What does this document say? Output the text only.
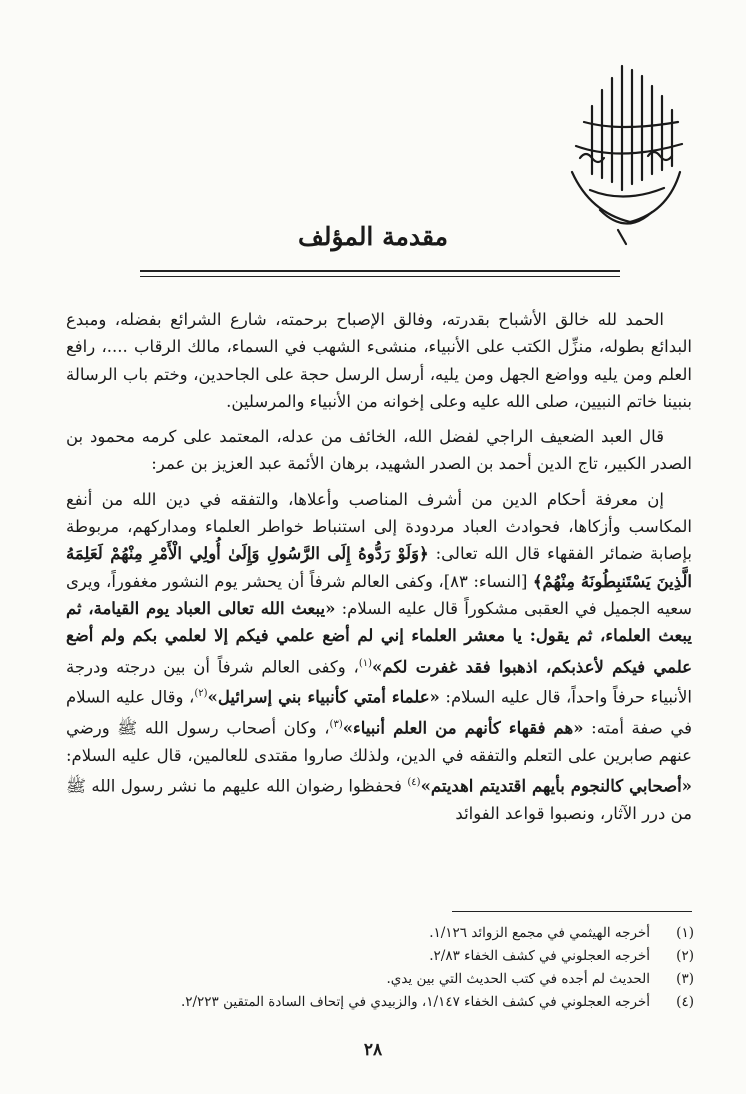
مقدمة المؤلف

الحمد لله خالق الأشباح بقدرته، وفالق الإصباح برحمته، شارع الشرائع بفضله، ومبدع البدائع بطوله، منزِّل الكتب على الأنبياء، منشىء الشهب في السماء، مالك الرقاب ....، رافع العلم ومن يليه وواضع الجهل ومن يليه، أرسل الرسل حجة على الجاحدين، وختم باب الرسالة بنبينا خاتم النبيين، صلى الله عليه وعلى إخوانه من الأنبياء والمرسلين.

قال العبد الضعيف الراجي لفضل الله، الخائف من عدله، المعتمد على كرمه محمود بن الصدر الكبير، تاج الدين أحمد بن الصدر الشهيد، برهان الأئمة عبد العزيز بن عمر:

إن معرفة أحكام الدين من أشرف المناصب وأعلاها، والتفقه في دين الله من أنفع المكاسب وأزكاها، فحوادث العباد مردودة إلى استنباط خواطر العلماء ومداركهم، مربوطة بإصابة ضمائر الفقهاء قال الله تعالى: ﴿وَلَوْ رَدُّوهُ إِلَى الرَّسُولِ وَإِلَىٰ أُولِي الْأَمْرِ مِنْهُمْ لَعَلِمَهُ الَّذِينَ يَسْتَنبِطُونَهُ مِنْهُمْ﴾ [النساء: ٨٣]، وكفى العالم شرفاً أن يحشر يوم النشور مغفوراً، ويرى سعيه الجميل في العقبى مشكوراً قال عليه السلام: «يبعث الله تعالى العباد يوم القيامة، ثم يبعث العلماء، ثم يقول: يا معشر العلماء إني لم أضع علمي فيكم إلا لعلمي بكم ولم أضع علمي فيكم لأعذبكم، اذهبوا فقد غفرت لكم»$^{(١)}$، وكفى العالم شرفاً أن بين درجته ودرجة الأنبياء حرفاً واحداً، قال عليه السلام: «علماء أمتي كأنبياء بني إسرائيل»$^{(٢)}$، وقال عليه السلام في صفة أمته: «هم فقهاء كأنهم من العلم أنبياء»$^{(٣)}$، وكان أصحاب رسول الله ﷺ ورضي عنهم صابرين على التعلم والتفقه في الدين، ولذلك صاروا مقتدى للعالمين، قال عليه السلام: «أصحابي كالنجوم بأيهم اقتديتم اهديتم»$^{(٤)}$ فحفظوا رضوان الله عليهم ما نشر رسول الله ﷺ من درر الآثار، ونصبوا قواعد الفوائد

(١)
أخرجه الهيثمي في مجمع الزوائد ١/١٢٦.
(٢)
أخرجه العجلوني في كشف الخفاء ٢/٨٣.
(٣)
الحديث لم أجده في كتب الحديث التي بين يدي.
(٤)
أخرجه العجلوني في كشف الخفاء ١/١٤٧، والزبيدي في إتحاف السادة المتقين ٢/٢٢٣.
٢٨
